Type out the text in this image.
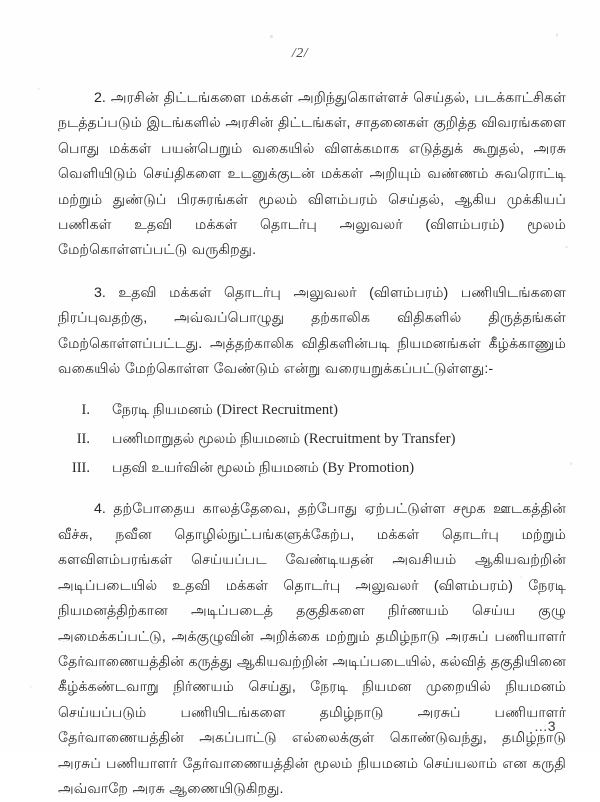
/2/

2. அரசின் திட்டங்களை மக்கள் அறிந்துகொள்ளச் செய்தல், படக்காட்சிகள் நடத்தப்படும் இடங்களில் அரசின் திட்டங்கள், சாதனைகள் குறித்த விவரங்களை பொது மக்கள் பயன்பெறும் வகையில் விளக்கமாக எடுத்துக் கூறுதல், அரசு வெளியிடும் செய்திகளை உடனுக்குடன் மக்கள் அறியும் வண்ணம் சுவரொட்டி மற்றும் துண்டுப் பிரசுரங்கள் மூலம் விளம்பரம் செய்தல், ஆகிய முக்கியப் பணிகள் உதவி மக்கள் தொடர்பு அலுவலர் (விளம்பரம்) மூலம் மேற்கொள்ளப்பட்டு வருகிறது.

3. உதவி மக்கள் தொடர்பு அலுவலர் (விளம்பரம்) பணியிடங்களை நிரப்புவதற்கு, அவ்வப்பொழுது தற்காலிக விதிகளில் திருத்தங்கள் மேற்கொள்ளப்பட்டது. அத்தற்காலிக விதிகளின்படி நியமனங்கள் கீழ்க்காணும் வகையில் மேற்கொள்ள வேண்டும் என்று வரையறுக்கப்பட்டுள்ளது:-

I.	நேரடி நியமனம் (Direct Recruitment)
II.	பணிமாறுதல் மூலம் நியமனம் (Recruitment by Transfer)
III.	பதவி உயர்வின் மூலம் நியமனம் (By Promotion)

4. தற்போதைய காலத்தேவை, தற்போது ஏற்பட்டுள்ள சமூக ஊடகத்தின் வீச்சு, நவீன தொழில்நுட்பங்களுக்கேற்ப, மக்கள் தொடர்பு மற்றும் களவிளம்பரங்கள் செய்யப்பட வேண்டியதன் அவசியம் ஆகியவற்றின் அடிப்படையில் உதவி மக்கள் தொடர்பு அலுவலர் (விளம்பரம்) நேரடி நியமனத்திற்கான அடிப்படைத் தகுதிகளை நிர்ணயம் செய்ய குழு அமைக்கப்பட்டு, அக்குழுவின் அறிக்கை மற்றும் தமிழ்நாடு அரசுப் பணியாளர் தேர்வாணையத்தின் கருத்து ஆகியவற்றின் அடிப்படையில், கல்வித் தகுதியினை கீழ்க்கண்டவாறு நிர்ணயம் செய்து, நேரடி நியமன முறையில் நியமனம் செய்யப்படும் பணியிடங்களை தமிழ்நாடு அரசுப் பணியாளர் தேர்வாணையத்தின் அகப்பாட்டு எல்லைக்குள் கொண்டுவந்து, தமிழ்நாடு அரசுப் பணியாளர் தேர்வாணையத்தின் மூலம் நியமனம் செய்யலாம் என கருதி அவ்வாறே அரசு ஆணையிடுகிறது.

...3
